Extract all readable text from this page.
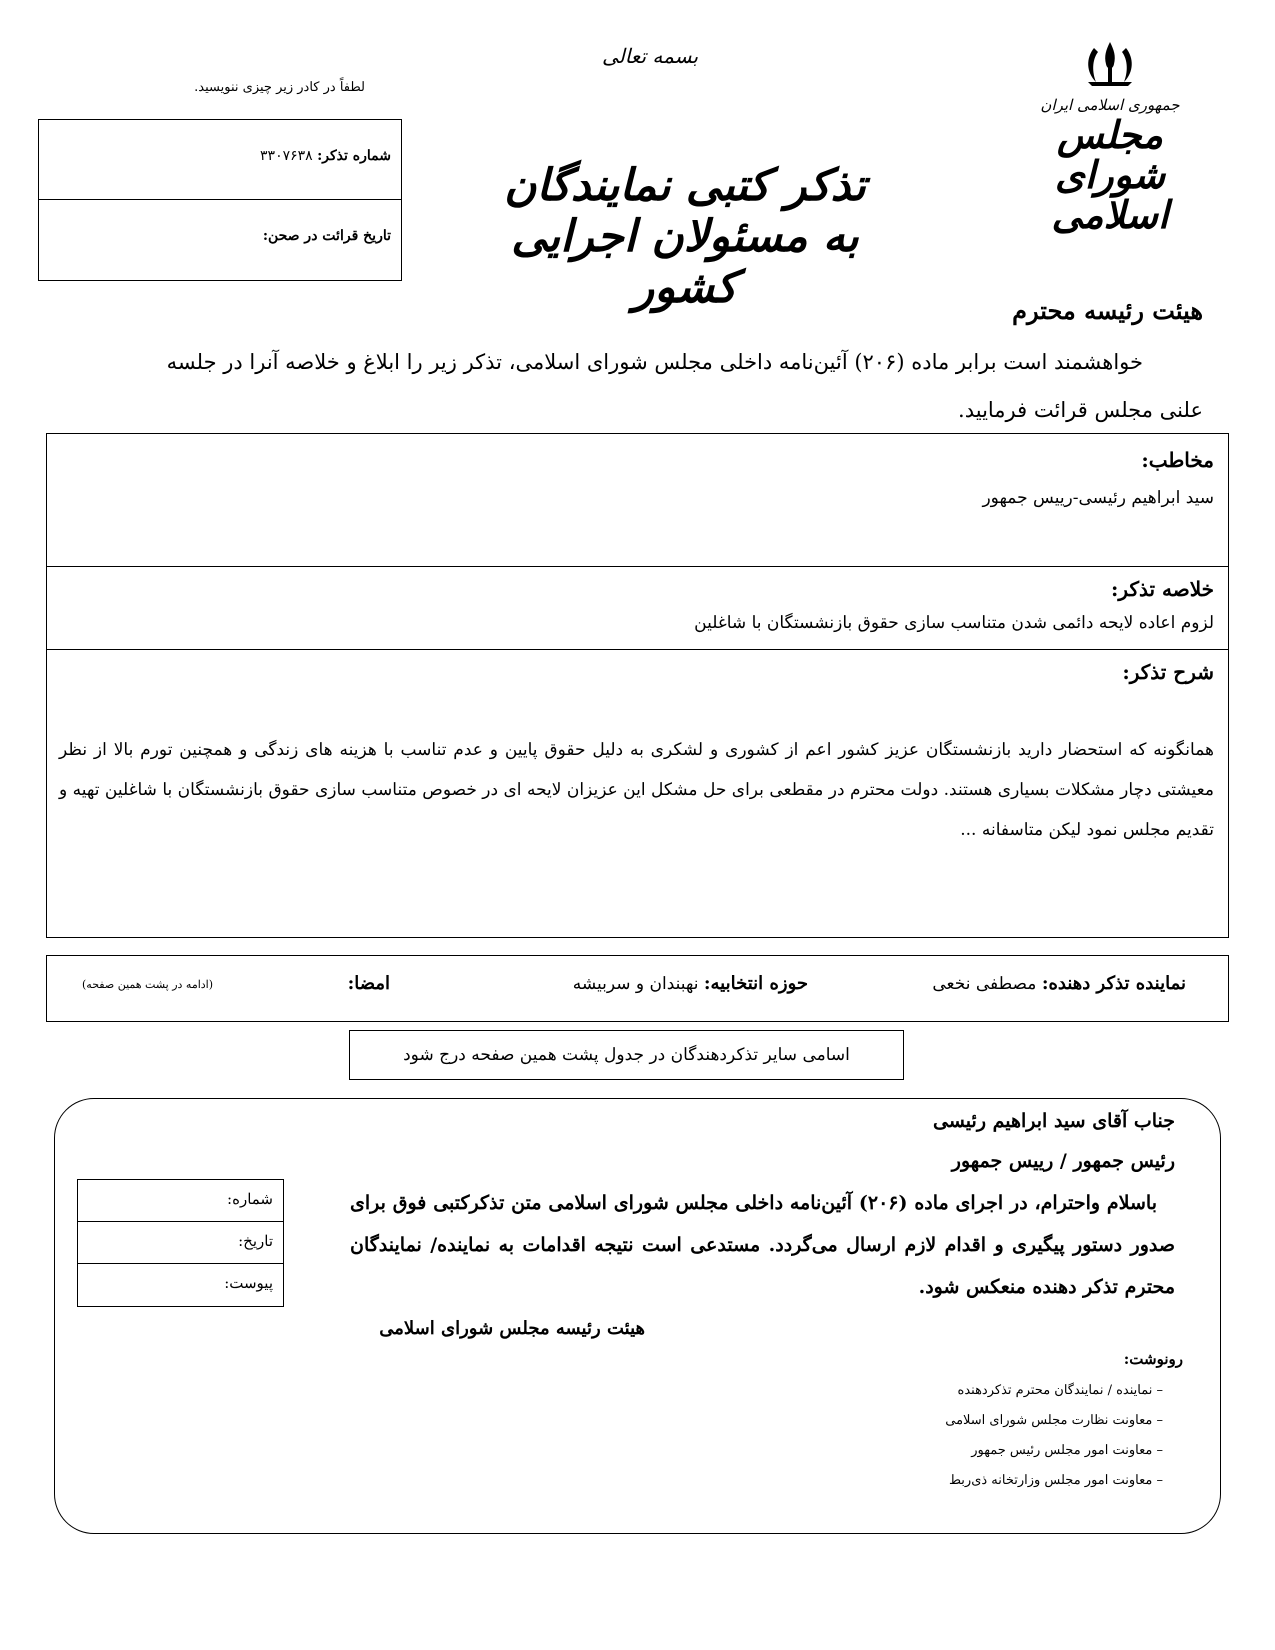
بسمه تعالی
لطفاً در کادر زیر چیزی ننویسید.
شماره تذکر: ۳۳۰۷۶۳۸
تاریخ قرائت در صحن:
تذکر کتبی نمایندگان به مسئولان اجرایی کشور
جمهوری اسلامی ایران
مجلس شورای اسلامی
هیئت رئیسه محترم
خواهشمند است برابر ماده (۲۰۶) آئین‌نامه داخلی مجلس شورای اسلامی، تذکر زیر را ابلاغ و خلاصه آنرا در جلسه علنی مجلس قرائت فرمایید.
مخاطب:
سید ابراهیم رئیسی-رییس جمهور
خلاصه تذکر:
لزوم اعاده لایحه دائمی شدن متناسب سازی حقوق بازنشستگان با شاغلین
شرح تذکر:
همانگونه که استحضار دارید بازنشستگان عزیز کشور اعم از کشوری و لشکری به دلیل حقوق پایین و عدم تناسب با هزینه های زندگی و همچنین تورم بالا از نظر معیشتی دچار مشکلات بسیاری هستند. دولت محترم در مقطعی برای حل مشکل این عزیزان لایحه ای در خصوص متناسب سازی حقوق بازنشستگان با شاغلین تهیه و تقدیم مجلس نمود لیکن متاسفانه ...
نماینده تذکر دهنده: مصطفی نخعی
حوزه انتخابیه: نهبندان و سربیشه
امضا:
(ادامه در پشت همین صفحه)
اسامی سایر تذکردهندگان در جدول پشت همین صفحه درج شود
جناب آقای سید ابراهیم رئیسی
رئیس جمهور / رییس جمهور
باسلام واحترام، در اجرای ماده (۲۰۶) آئین‌نامه داخلی مجلس شورای اسلامی متن تذکرکتبی فوق برای صدور دستور پیگیری و اقدام لازم ارسال می‌گردد. مستدعی است نتیجه اقدامات به نماینده/ نمایندگان محترم تذکر دهنده منعکس شود.
هیئت رئیسه مجلس شورای اسلامی
شماره:
تاریخ:
پیوست:
رونوشت:
– نماینده / نمایندگان محترم تذکردهنده
– معاونت نظارت مجلس شورای اسلامی
– معاونت امور مجلس رئیس جمهور
– معاونت امور مجلس وزارتخانه ذی‌ربط
